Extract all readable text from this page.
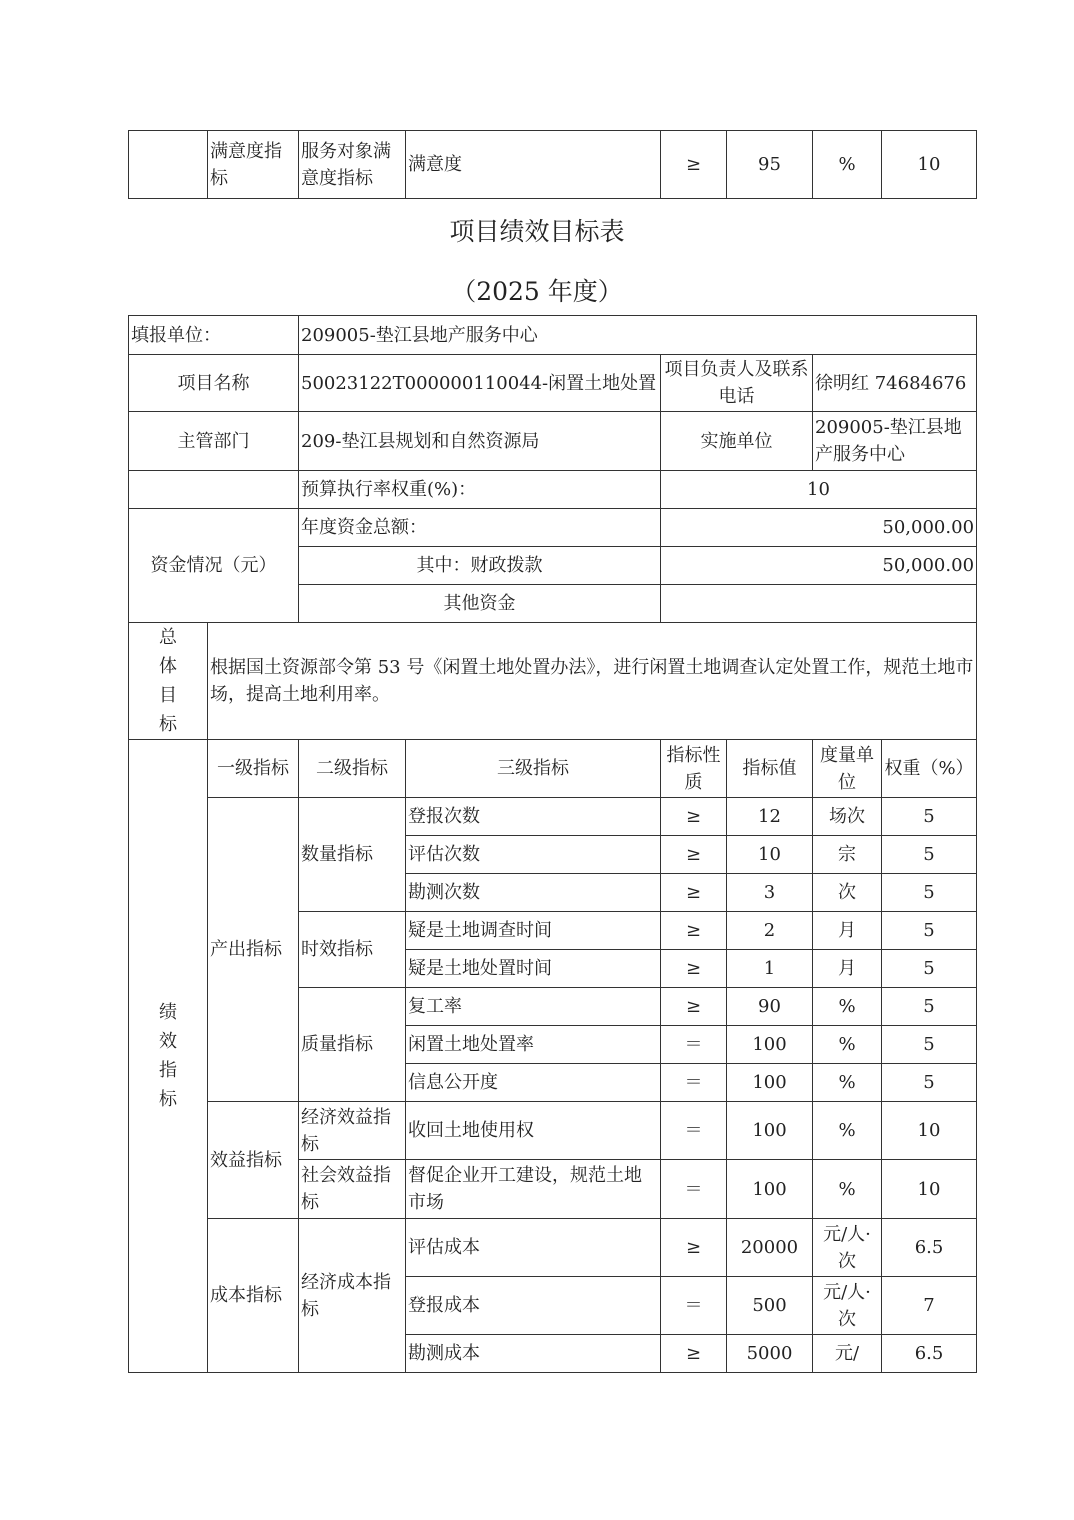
	满意度指标	服务对象满意度指标	满意度	≥	95	%	10
项目绩效目标表
（2025 年度）
填报单位：		209005-垫江县地产服务中心					
项目名称		50023122T000000110044-闲置土地处置		项目负责人及联系电话		徐明红 74684676	
主管部门		209-垫江县规划和自然资源局		实施单位		209005-垫江县地产服务中心	
		预算执行率权重(%)：		10			
资金情况（元）		年度资金总额：		50,000.00			
		其中：财政拨款		50,000.00			
		其他资金					
总体目标	根据国土资源部令第 53 号《闲置土地处置办法》，进行闲置土地调查认定处置工作，规范土地市场，提高土地利用率。						
绩效指标	一级指标	二级指标	三级指标	指标性质	指标值	度量单位	权重（%）
	产出指标	数量指标	登报次数	≥	12	场次	5
			评估次数	≥	10	宗	5
			勘测次数	≥	3	次	5
		时效指标	疑是土地调查时间	≥	2	月	5
			疑是土地处置时间	≥	1	月	5
		质量指标	复工率	≥	90	%	5
			闲置土地处置率	＝	100	%	5
			信息公开度	＝	100	%	5
	效益指标	经济效益指标	收回土地使用权	＝	100	%	10
		社会效益指标	督促企业开工建设，规范土地市场	＝	100	%	10
	成本指标	经济成本指标	评估成本	≥	20000	元/人·次	6.5
			登报成本	＝	500	元/人·次	7
			勘测成本	≥	5000	元/	6.5
